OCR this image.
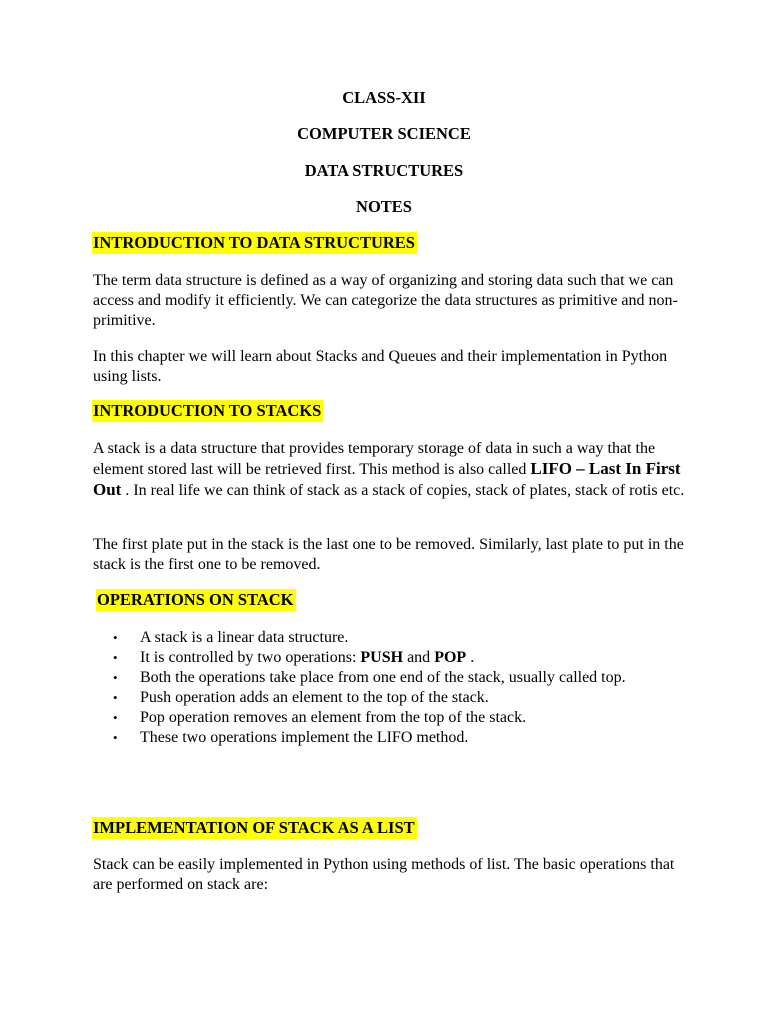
CLASS-XII
COMPUTER SCIENCE
DATA STRUCTURES
NOTES
INTRODUCTION TO DATA STRUCTURES
The term data structure is defined as a way of organizing and storing data such that we can access and modify it efficiently. We can categorize the data structures as primitive and non-primitive.
In this chapter we will learn about Stacks and Queues and their implementation in Python using lists.
INTRODUCTION TO STACKS
A stack is a data structure that provides temporary storage of data in such a way that the element stored last will be retrieved first. This method is also called LIFO – Last In First Out . In real life we can think of stack as a stack of copies, stack of plates, stack of rotis etc.
The first plate put in the stack is the last one to be removed. Similarly, last plate to put in the stack is the first one to be removed.
OPERATIONS ON STACK
• A stack is a linear data structure.
• It is controlled by two operations: PUSH and POP .
• Both the operations take place from one end of the stack, usually called top.
• Push operation adds an element to the top of the stack.
• Pop operation removes an element from the top of the stack.
• These two operations implement the LIFO method.
IMPLEMENTATION OF STACK AS A LIST
Stack can be easily implemented in Python using methods of list. The basic operations that are performed on stack are:
